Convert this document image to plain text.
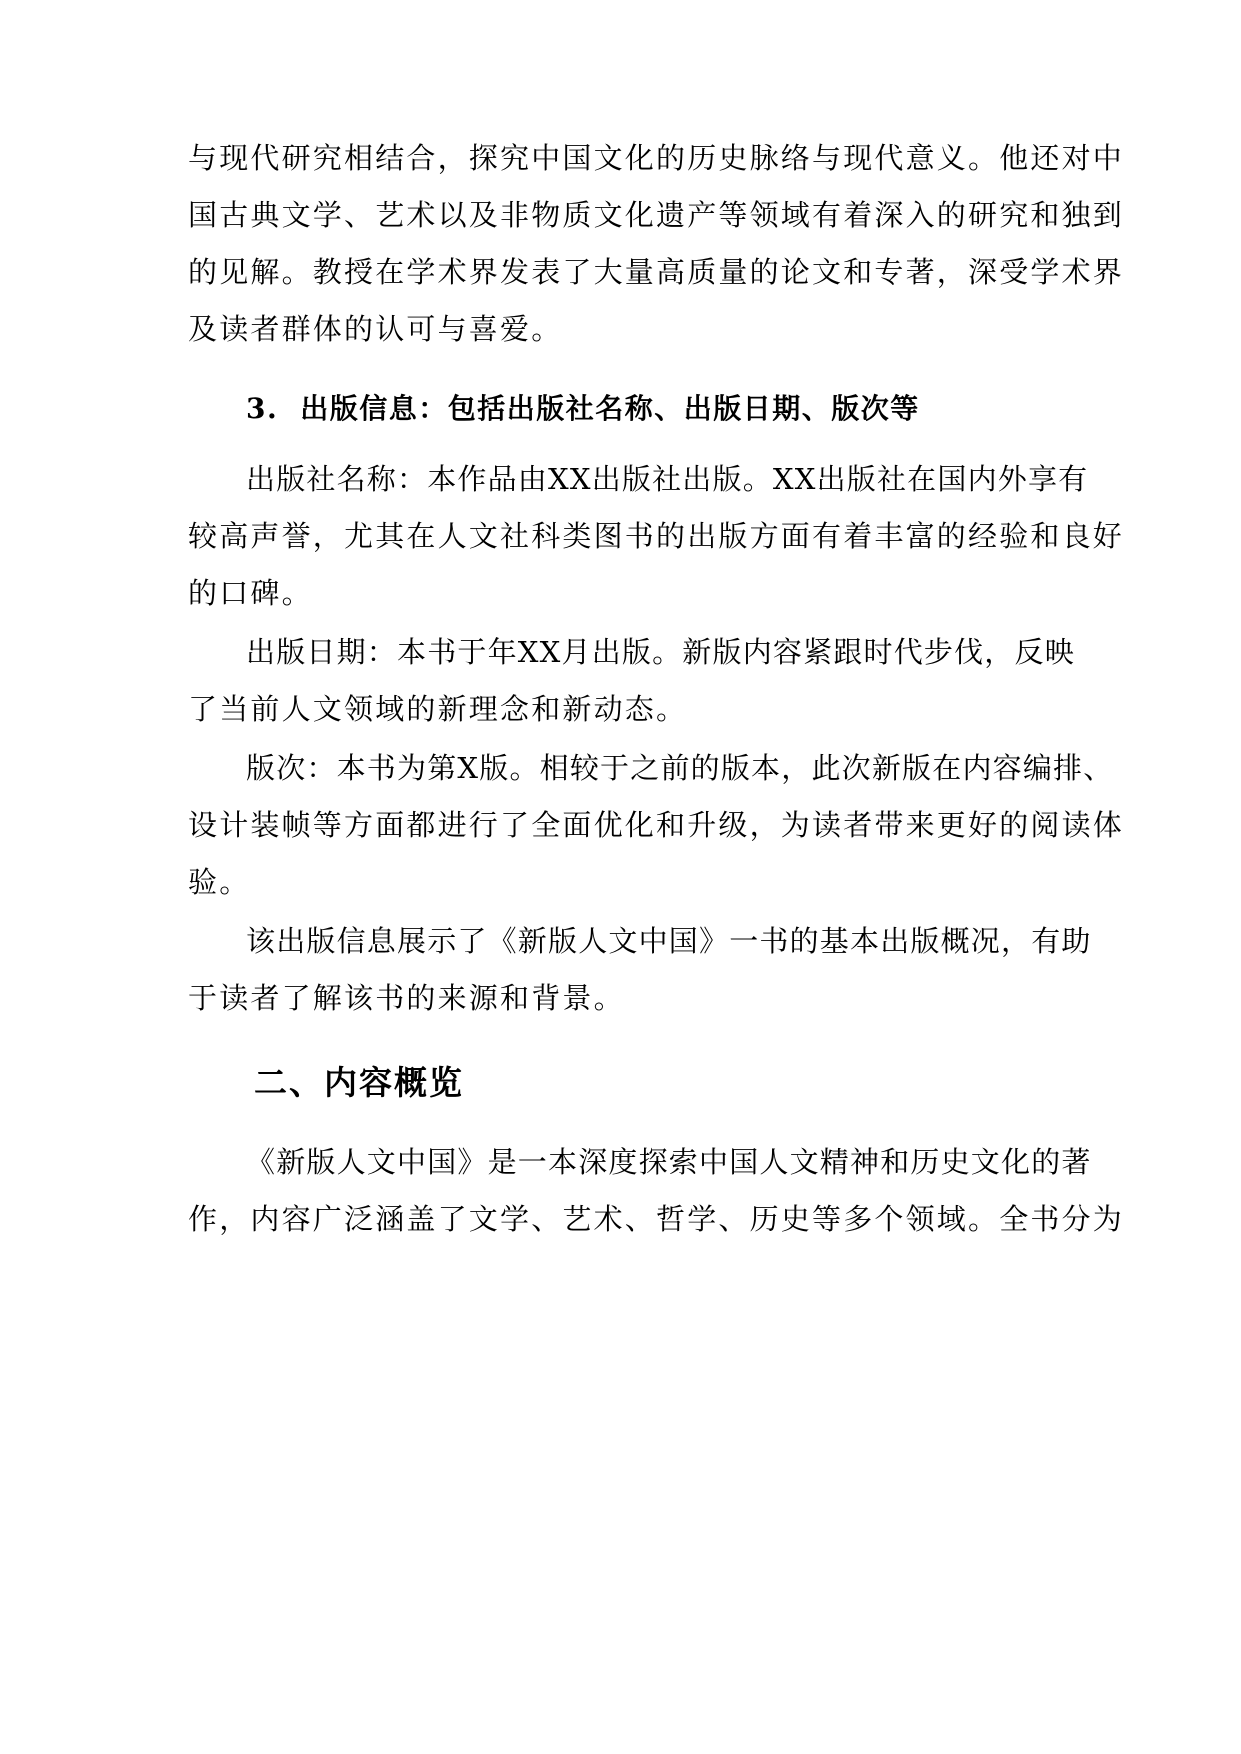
与现代研究相结合，探究中国文化的历史脉络与现代意义。他还对中

国古典文学、艺术以及非物质文化遗产等领域有着深入的研究和独到

的见解。教授在学术界发表了大量高质量的论文和专著，深受学术界

及读者群体的认可与喜爱。

3. 出版信息：包括出版社名称、出版日期、版次等

出版社名称：本作品由XX出版社出版。XX出版社在国内外享有

较高声誉，尤其在人文社科类图书的出版方面有着丰富的经验和良好

的口碑。

出版日期：本书于年XX月出版。新版内容紧跟时代步伐，反映

了当前人文领域的新理念和新动态。

版次：本书为第X版。相较于之前的版本，此次新版在内容编排、

设计装帧等方面都进行了全面优化和升级，为读者带来更好的阅读体

验。

该出版信息展示了《新版人文中国》一书的基本出版概况，有助

于读者了解该书的来源和背景。

二、内容概览

《新版人文中国》是一本深度探索中国人文精神和历史文化的著

作，内容广泛涵盖了文学、艺术、哲学、历史等多个领域。全书分为
